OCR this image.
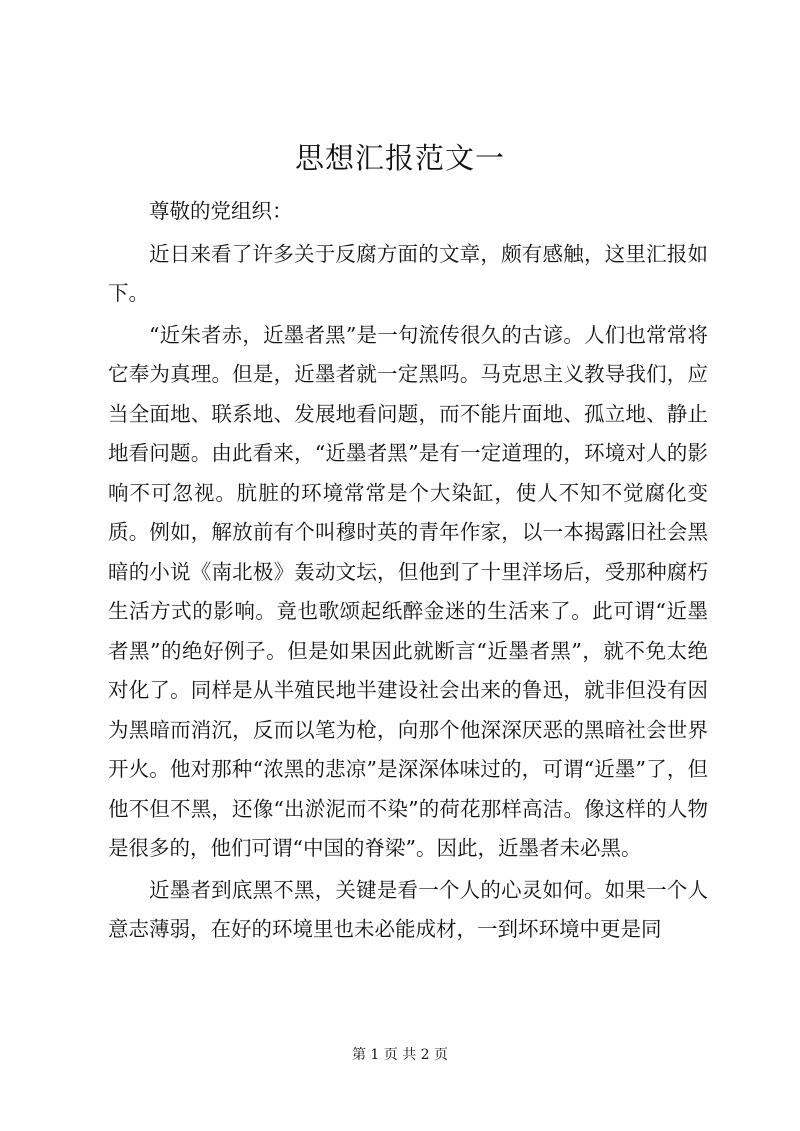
思想汇报范文一

尊敬的党组织：

近日来看了许多关于反腐方面的文章，颇有感触，这里汇报如下。

“近朱者赤，近墨者黑”是一句流传很久的古谚。人们也常常将它奉为真理。但是，近墨者就一定黑吗。马克思主义教导我们，应当全面地、联系地、发展地看问题，而不能片面地、孤立地、静止地看问题。由此看来，“近墨者黑”是有一定道理的，环境对人的影响不可忽视。肮脏的环境常常是个大染缸，使人不知不觉腐化变质。例如，解放前有个叫穆时英的青年作家，以一本揭露旧社会黑暗的小说《南北极》轰动文坛，但他到了十里洋场后，受那种腐朽生活方式的影响。竟也歌颂起纸醉金迷的生活来了。此可谓“近墨者黑”的绝好例子。但是如果因此就断言“近墨者黑”，就不免太绝对化了。同样是从半殖民地半建设社会出来的鲁迅，就非但没有因为黑暗而消沉，反而以笔为枪，向那个他深深厌恶的黑暗社会世界开火。他对那种“浓黑的悲凉”是深深体味过的，可谓“近墨”了，但他不但不黑，还像“出淤泥而不染”的荷花那样高洁。像这样的人物是很多的，他们可谓“中国的脊梁”。因此，近墨者未必黑。

近墨者到底黑不黑，关键是看一个人的心灵如何。如果一个人意志薄弱，在好的环境里也未必能成材，一到坏环境中更是同

第 1 页 共 2 页
